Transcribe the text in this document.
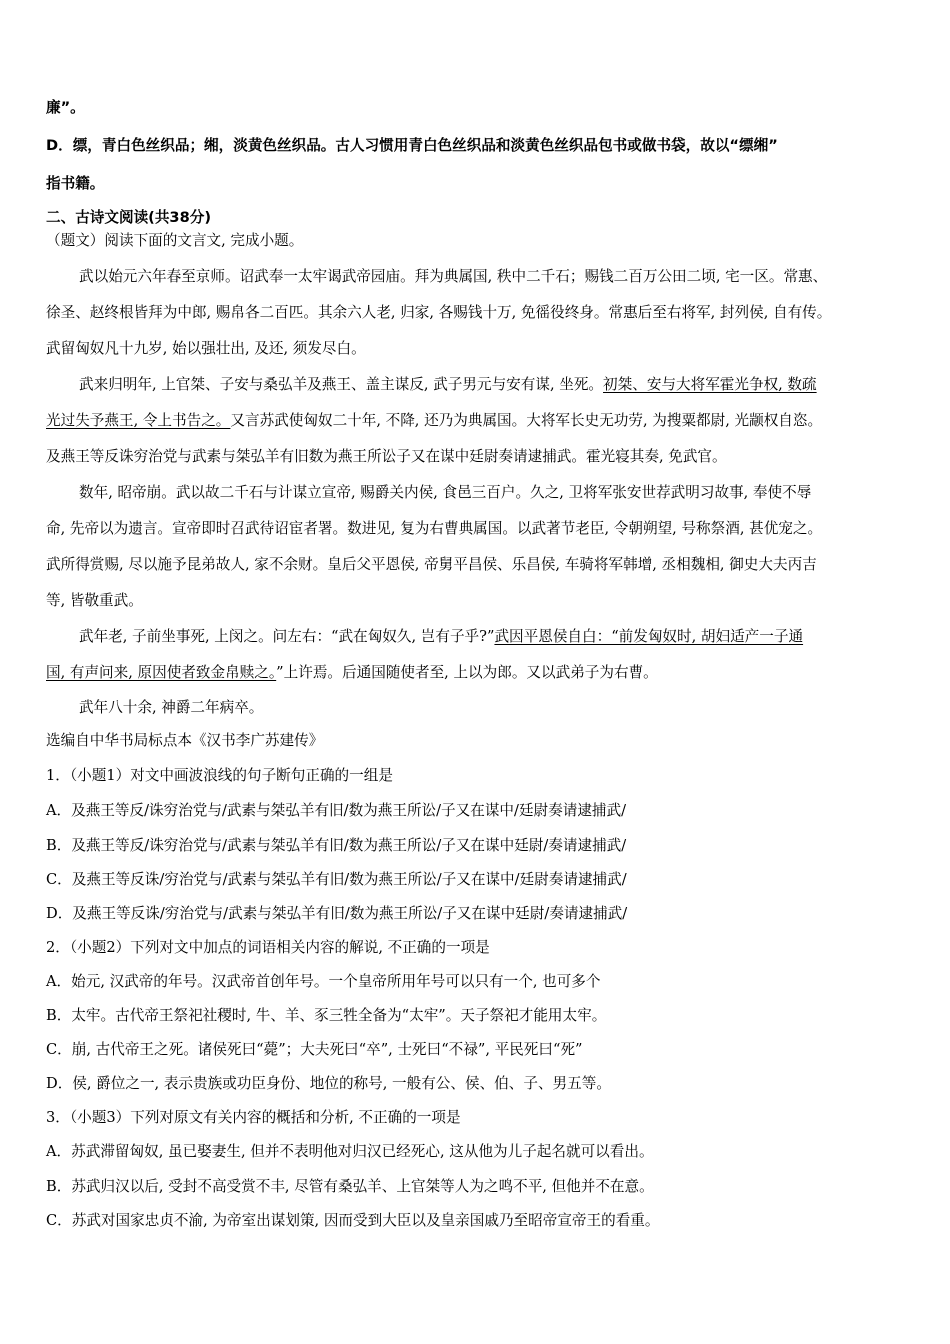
廉”。
D．缥，青白色丝织品；缃，淡黄色丝织品。古人习惯用青白色丝织品和淡黄色丝织品包书或做书袋，故以“缥缃”
指书籍。
二、古诗文阅读(共38分)
（题文）阅读下面的文言文, 完成小题。
武以始元六年春至京师。诏武奉一太牢谒武帝园庙。拜为典属国, 秩中二千石；赐钱二百万公田二顷, 宅一区。常惠、
徐圣、赵终根皆拜为中郎, 赐帛各二百匹。其余六人老, 归家, 各赐钱十万, 免徭役终身。常惠后至右将军, 封列侯, 自有传。
武留匈奴凡十九岁, 始以强壮出, 及还, 须发尽白。
武来归明年, 上官桀、子安与桑弘羊及燕王、盖主谋反, 武子男元与安有谋, 坐死。初桀、安与大将军霍光争权, 数疏
光过失予燕王, 令上书告之。又言苏武使匈奴二十年, 不降, 还乃为典属国。大将军长史无功劳, 为搜粟都尉, 光颛权自恣。
及燕王等反诛穷治党与武素与桀弘羊有旧数为燕王所讼子又在谋中廷尉奏请逮捕武。霍光寝其奏, 免武官。
数年, 昭帝崩。武以故二千石与计谋立宣帝, 赐爵关内侯, 食邑三百户。久之, 卫将军张安世荐武明习故事, 奉使不辱
命, 先帝以为遗言。宣帝即时召武待诏宦者署。数进见, 复为右曹典属国。以武著节老臣, 令朝朔望, 号称祭酒, 甚优宠之。
武所得赏赐, 尽以施予昆弟故人, 家不余财。皇后父平恩侯, 帝舅平昌侯、乐昌侯, 车骑将军韩增, 丞相魏相, 御史大夫丙吉
等, 皆敬重武。
武年老, 子前坐事死, 上闵之。问左右：“武在匈奴久, 岂有子乎?”武因平恩侯自白：“前发匈奴时, 胡妇适产一子通
国, 有声问来, 原因使者致金帛赎之。”上许焉。后通国随使者至, 上以为郎。又以武弟子为右曹。
武年八十余, 神爵二年病卒。
选编自中华书局标点本《汉书李广苏建传》
1．（小题1）对文中画波浪线的句子断句正确的一组是
A．及燕王等反/诛穷治党与/武素与桀弘羊有旧/数为燕王所讼/子又在谋中/廷尉奏请逮捕武/
B．及燕王等反/诛穷治党与/武素与桀弘羊有旧/数为燕王所讼/子又在谋中廷尉/奏请逮捕武/
C．及燕王等反诛/穷治党与/武素与桀弘羊有旧/数为燕王所讼/子又在谋中/廷尉奏请逮捕武/
D．及燕王等反诛/穷治党与/武素与桀弘羊有旧/数为燕王所讼/子又在谋中廷尉/奏请逮捕武/
2．（小题2）下列对文中加点的词语相关内容的解说, 不正确的一项是
A．始元, 汉武帝的年号。汉武帝首创年号。一个皇帝所用年号可以只有一个, 也可多个
B．太牢。古代帝王祭祀社稷时, 牛、羊、豕三牲全备为“太牢”。天子祭祀才能用太牢。
C．崩, 古代帝王之死。诸侯死曰“薨”；大夫死曰“卒”, 士死曰“不禄”, 平民死曰“死”
D．侯, 爵位之一, 表示贵族或功臣身份、地位的称号, 一般有公、侯、伯、子、男五等。
3．（小题3）下列对原文有关内容的概括和分析, 不正确的一项是
A．苏武滞留匈奴, 虽已娶妻生, 但并不表明他对归汉已经死心, 这从他为儿子起名就可以看出。
B．苏武归汉以后, 受封不高受赏不丰, 尽管有桑弘羊、上官桀等人为之鸣不平, 但他并不在意。
C．苏武对国家忠贞不渝, 为帝室出谋划策, 因而受到大臣以及皇亲国戚乃至昭帝宣帝王的看重。
